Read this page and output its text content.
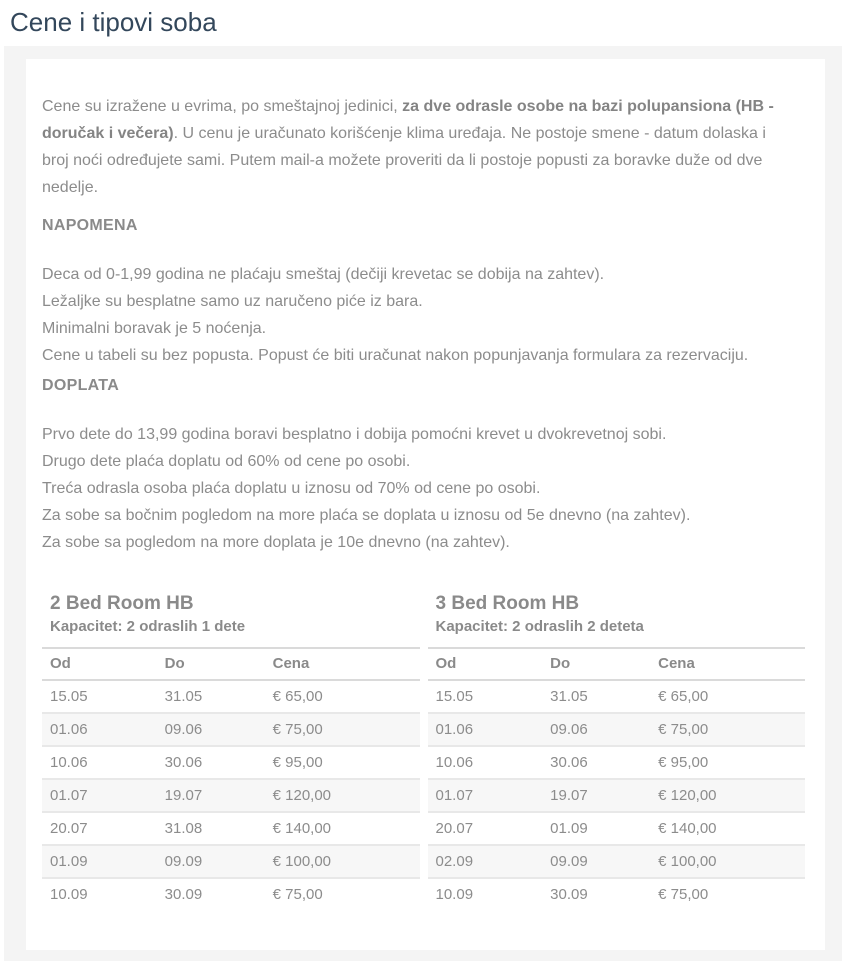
Cene i tipovi soba

Cene su izražene u evrima, po smeštajnoj jedinici, za dve odrasle osobe na bazi polupansiona (HB - doručak i večera). U cenu je uračunato korišćenje klima uređaja. Ne postoje smene - datum dolaska i broj noći određujete sami. Putem mail-a možete proveriti da li postoje popusti za boravke duže od dve nedelje.

NAPOMENA
Deca od 0-1,99 godina ne plaćaju smeštaj (dečiji krevetac se dobija na zahtev).
Ležaljke su besplatne samo uz naručeno piće iz bara.
Minimalni boravak je 5 noćenja.
Cene u tabeli su bez popusta. Popust će biti uračunat nakon popunjavanja formulara za rezervaciju.
DOPLATA
Prvo dete do 13,99 godina boravi besplatno i dobija pomoćni krevet u dvokrevetnoj sobi.
Drugo dete plaća doplatu od 60% od cene po osobi.
Treća odrasla osoba plaća doplatu u iznosu od 70% od cene po osobi.
Za sobe sa bočnim pogledom na more plaća se doplata u iznosu od 5e dnevno (na zahtev).
Za sobe sa pogledom na more doplata je 10e dnevno (na zahtev).
2 Bed Room HB
Kapacitet: 2 odraslih 1 dete
Od	Do	Cena
15.05	31.05	€ 65,00
01.06	09.06	€ 75,00
10.06	30.06	€ 95,00
01.07	19.07	€ 120,00
20.07	31.08	€ 140,00
01.09	09.09	€ 100,00
10.09	30.09	€ 75,00
3 Bed Room HB
Kapacitet: 2 odraslih 2 deteta
Od	Do	Cena
15.05	31.05	€ 65,00
01.06	09.06	€ 75,00
10.06	30.06	€ 95,00
01.07	19.07	€ 120,00
20.07	01.09	€ 140,00
02.09	09.09	€ 100,00
10.09	30.09	€ 75,00
